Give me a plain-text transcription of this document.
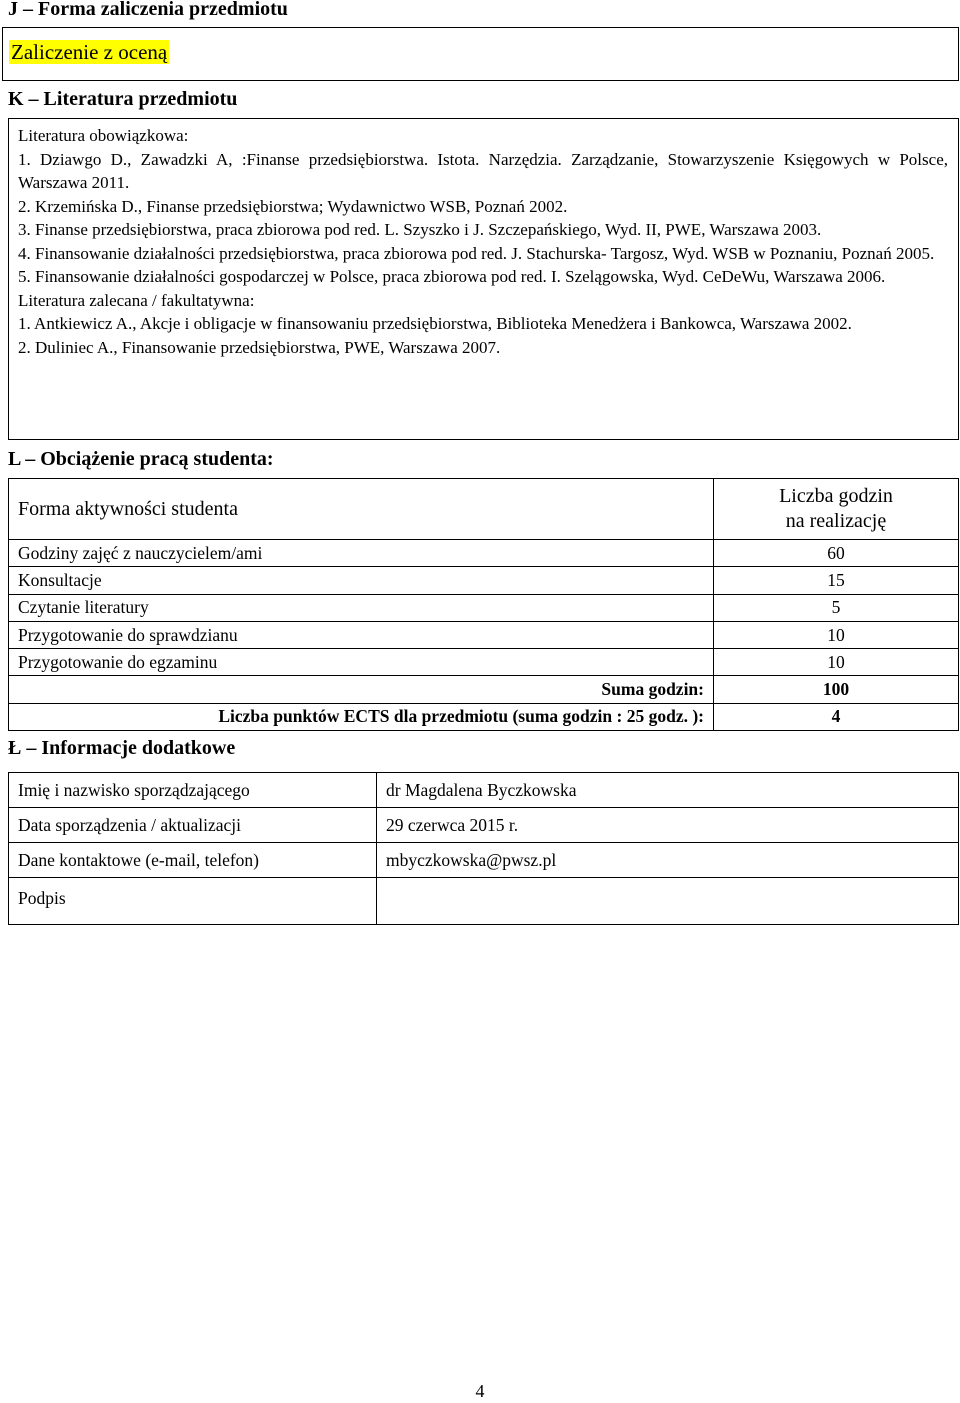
J – Forma zaliczenia przedmiotu
Zaliczenie z oceną
K – Literatura przedmiotu

Literatura obowiązkowa:

1. Dziawgo D., Zawadzki A, :Finanse przedsiębiorstwa. Istota. Narzędzia. Zarządzanie, Stowarzyszenie Księgowych w Polsce, Warszawa 2011.

2. Krzemińska D., Finanse przedsiębiorstwa; Wydawnictwo WSB, Poznań 2002.

3. Finanse przedsiębiorstwa, praca zbiorowa pod red. L. Szyszko i J. Szczepańskiego, Wyd. II, PWE, Warszawa 2003.

4. Finansowanie działalności przedsiębiorstwa, praca zbiorowa pod red. J. Stachurska- Targosz, Wyd. WSB w Poznaniu, Poznań 2005.

5. Finansowanie działalności gospodarczej w Polsce, praca zbiorowa pod red. I. Szelągowska, Wyd. CeDeWu, Warszawa 2006.

Literatura zalecana / fakultatywna:

1. Antkiewicz A., Akcje i obligacje w finansowaniu przedsiębiorstwa, Biblioteka Menedżera i Bankowca, Warszawa 2002.

2. Duliniec A., Finansowanie przedsiębiorstwa, PWE, Warszawa 2007.

L – Obciążenie pracą studenta:
Forma aktywności studenta	Liczba godzin
na realizację
Godziny zajęć z nauczycielem/ami	60
Konsultacje	15
Czytanie literatury	5
Przygotowanie do sprawdzianu	10
Przygotowanie do egzaminu	10
Suma godzin:	100
Liczba punktów ECTS dla przedmiotu (suma godzin : 25 godz. ):	4
Ł – Informacje dodatkowe
Imię i nazwisko sporządzającego	dr Magdalena Byczkowska
Data sporządzenia / aktualizacji	29 czerwca 2015 r.
Dane kontaktowe (e-mail, telefon)	mbyczkowska@pwsz.pl
Podpis	
4
